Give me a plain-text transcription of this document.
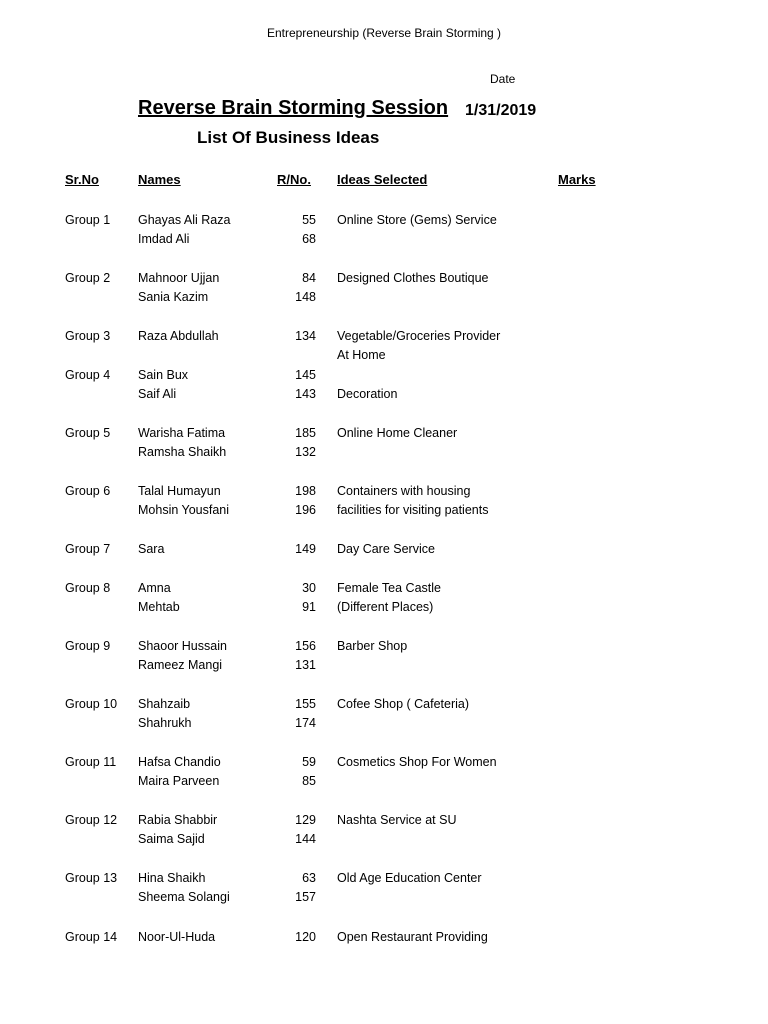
Entrepreneurship (Reverse Brain Storming )
Date
Reverse Brain Storming Session 1/31/2019
List Of Business Ideas
Sr.No	Names	R/No. Ideas Selected	Marks
Group 1 Ghayas Ali Raza	55 Online Store (Gems) Service
Imdad Ali	68
Group 2 Mahnoor Ujjan	84 Designed Clothes Boutique
Sania Kazim	148
Group 3 Raza Abdullah	134 Vegetable/Groceries Provider
At Home
Group 4 Sain Bux	145
Saif Ali	143 Decoration
Group 5 Warisha Fatima	185 Online Home Cleaner
Ramsha Shaikh	132
Group 6 Talal Humayun	198 Containers with housing
Mohsin Yousfani	196 facilities for visiting patients
Group 7 Sara	149 Day Care Service
Group 8 Amna	30 Female Tea Castle
Mehtab	91 (Different Places)
Group 9 Shaoor Hussain	156 Barber Shop
Rameez Mangi	131
Group 10 Shahzaib	155 Cofee Shop ( Cafeteria)
Shahrukh	174
Group 11 Hafsa Chandio	59 Cosmetics Shop For Women
Maira Parveen	85
Group 12 Rabia Shabbir	129 Nashta Service at SU
Saima Sajid	144
Group 13 Hina Shaikh	63 Old Age Education Center
Sheema Solangi	157
Group 14 Noor-Ul-Huda	120 Open Restaurant Providing
